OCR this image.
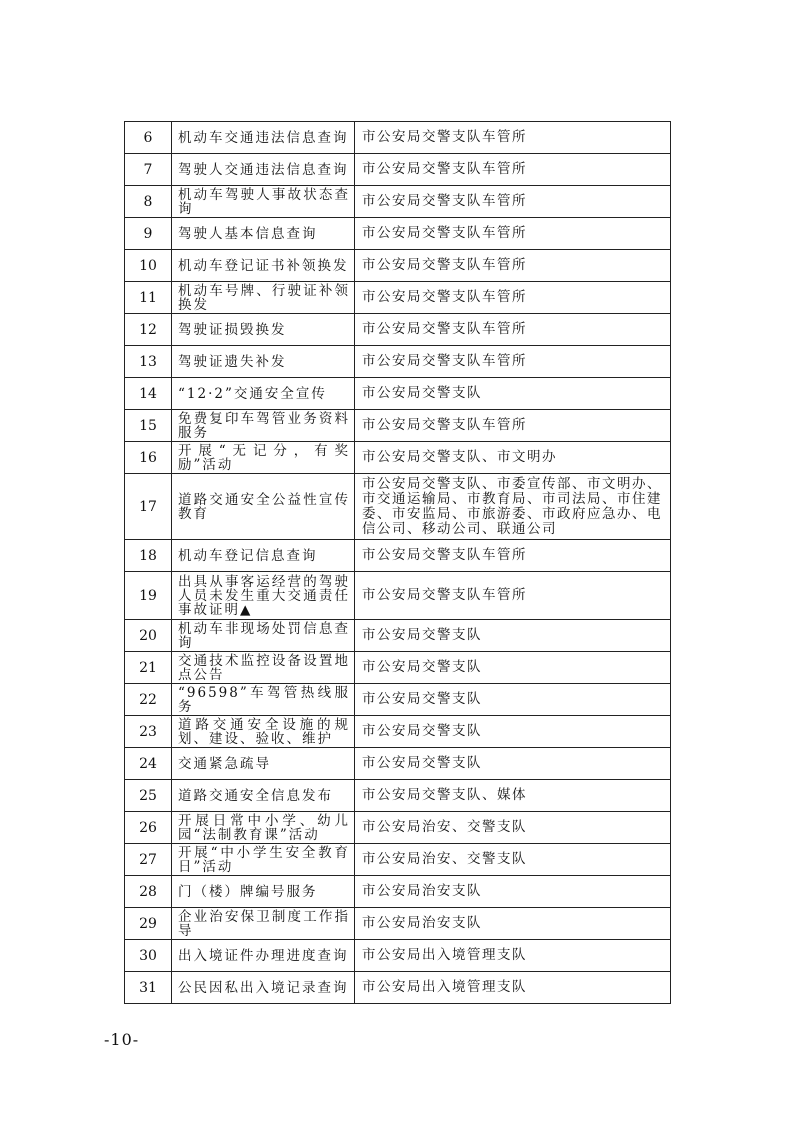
6	机动车交通违法信息查询	市公安局交警支队车管所
7	驾驶人交通违法信息查询	市公安局交警支队车管所
8	机动车驾驶人事故状态查询	市公安局交警支队车管所
9	驾驶人基本信息查询	市公安局交警支队车管所
10	机动车登记证书补领换发	市公安局交警支队车管所
11	机动车号牌、行驶证补领换发	市公安局交警支队车管所
12	驾驶证损毁换发	市公安局交警支队车管所
13	驾驶证遗失补发	市公安局交警支队车管所
14	“12·2”交通安全宣传	市公安局交警支队
15	免费复印车驾管业务资料服务	市公安局交警支队车管所
16	开展“无记分，有奖励”活动	市公安局交警支队、市文明办
17	道路交通安全公益性宣传教育	市公安局交警支队、市委宣传部、市文明办、市交通运输局、市教育局、市司法局、市住建委、市安监局、市旅游委、市政府应急办、电信公司、移动公司、联通公司
18	机动车登记信息查询	市公安局交警支队车管所
19	出具从事客运经营的驾驶人员未发生重大交通责任事故证明▲	市公安局交警支队车管所
20	机动车非现场处罚信息查询	市公安局交警支队
21	交通技术监控设备设置地点公告	市公安局交警支队
22	“96598”车驾管热线服务	市公安局交警支队
23	道路交通安全设施的规划、建设、验收、维护	市公安局交警支队
24	交通紧急疏导	市公安局交警支队
25	道路交通安全信息发布	市公安局交警支队、媒体
26	开展日常中小学、幼儿园“法制教育课”活动	市公安局治安、交警支队
27	开展“中小学生安全教育日”活动	市公安局治安、交警支队
28	门（楼）牌编号服务	市公安局治安支队
29	企业治安保卫制度工作指导	市公安局治安支队
30	出入境证件办理进度查询	市公安局出入境管理支队
31	公民因私出入境记录查询	市公安局出入境管理支队
-10-
